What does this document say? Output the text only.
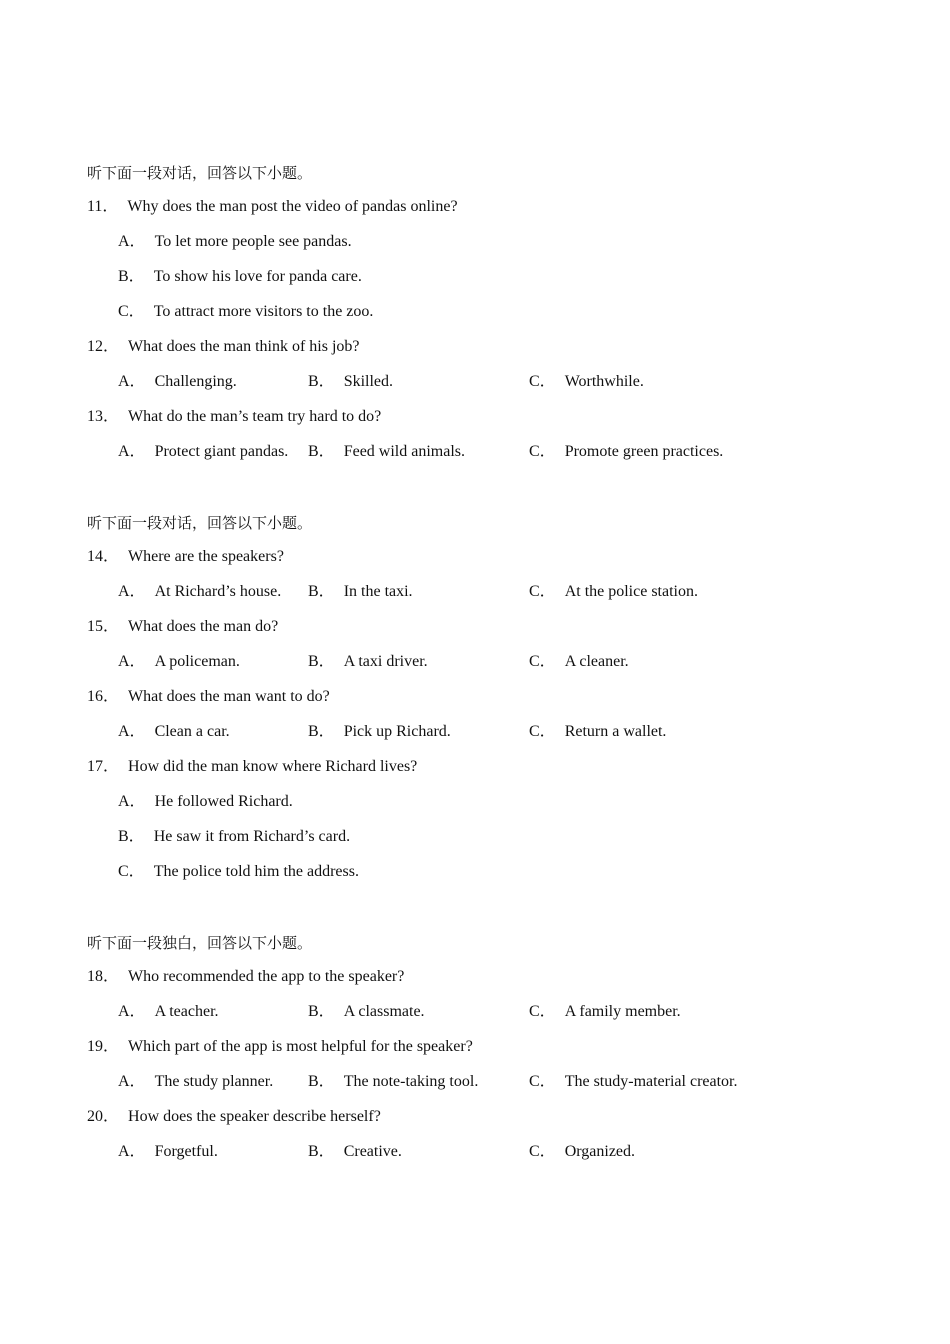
听下面一段对话，回答以下小题。
11． Why does the man post the video of pandas online?
A． To let more people see pandas.
B． To show his love for panda care.
C． To attract more visitors to the zoo.
12． What does the man think of his job?
A． Challenging.	B． Skilled.	C． Worthwhile.
13． What do the man’s team try hard to do?
A． Protect giant pandas. B． Feed wild animals.	C． Promote green practices.
听下面一段对话，回答以下小题。
14． Where are the speakers?
A． At Richard’s house. B． In the taxi.	C． At the police station.
15． What does the man do?
A． A policeman.	B． A taxi driver.	C． A cleaner.
16． What does the man want to do?
A． Clean a car.	B． Pick up Richard.	C． Return a wallet.
17． How did the man know where Richard lives?
A． He followed Richard.
B． He saw it from Richard’s card.
C． The police told him the address.
听下面一段独白，回答以下小题。
18． Who recommended the app to the speaker?
A． A teacher.	B． A classmate.	C． A family member.
19． Which part of the app is most helpful for the speaker?
A． The study planner. B． The note-taking tool.	C． The study-material creator.
20． How does the speaker describe herself?
A． Forgetful.	B． Creative.	C． Organized.
